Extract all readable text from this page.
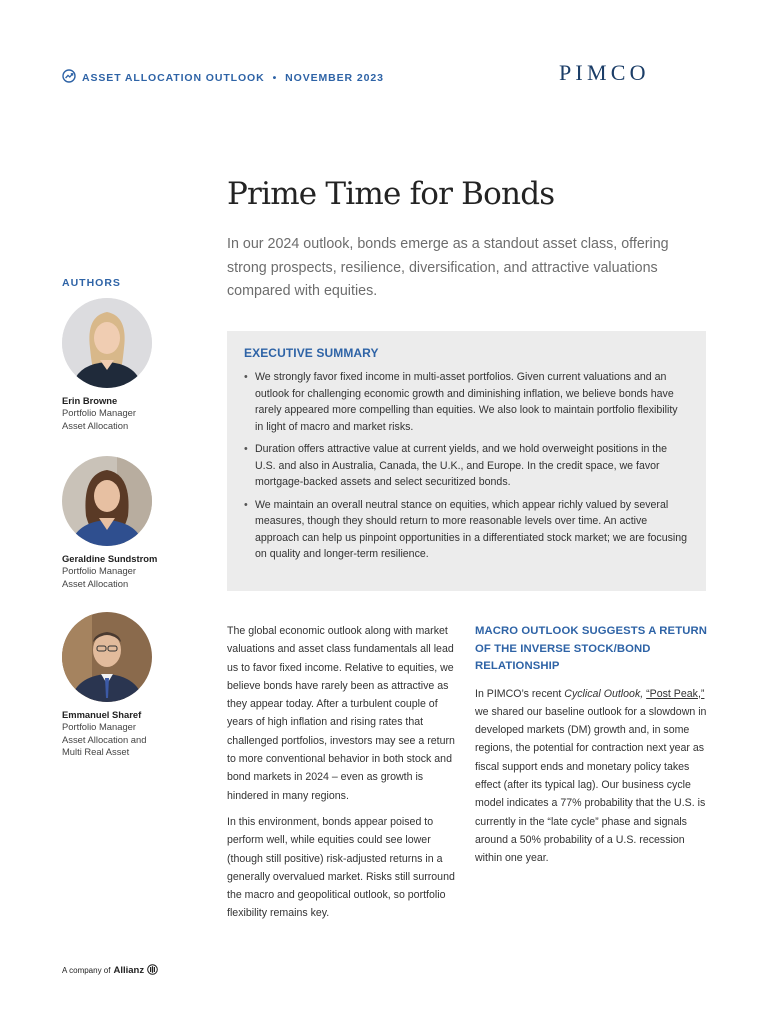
ASSET ALLOCATION OUTLOOK • NOVEMBER 2023	PIMCO
Prime Time for Bonds

In our 2024 outlook, bonds emerge as a standout asset class, offering strong prospects, resilience, diversification, and attractive valuations compared with equities.

AUTHORS
Erin Browne
Portfolio Manager
Asset Allocation
Geraldine Sundstrom
Portfolio Manager
Asset Allocation
Emmanuel Sharef
Portfolio Manager
Asset Allocation and
Multi Real Asset
EXECUTIVE SUMMARY
• We strongly favor fixed income in multi-asset portfolios. Given current valuations and an outlook for challenging economic growth and diminishing inflation, we believe bonds have rarely appeared more compelling than equities. We also look to maintain portfolio flexibility in light of macro and market risks.
• Duration offers attractive value at current yields, and we hold overweight positions in the U.S. and also in Australia, Canada, the U.K., and Europe. In the credit space, we favor mortgage-backed assets and select securitized bonds.
• We maintain an overall neutral stance on equities, which appear richly valued by several measures, though they should return to more reasonable levels over time. An active approach can help us pinpoint opportunities in a differentiated stock market; we are focusing on quality and longer-term resilience.

The global economic outlook along with market valuations and asset class fundamentals all lead us to favor fixed income. Relative to equities, we believe bonds have rarely been as attractive as they appear today. After a turbulent couple of years of high inflation and rising rates that challenged portfolios, investors may see a return to more conventional behavior in both stock and bond markets in 2024 – even as growth is hindered in many regions.

In this environment, bonds appear poised to perform well, while equities could see lower (though still positive) risk-adjusted returns in a generally overvalued market. Risks still surround the macro and geopolitical outlook, so portfolio flexibility remains key.

MACRO OUTLOOK SUGGESTS A RETURN OF THE INVERSE STOCK/BOND RELATIONSHIP

In PIMCO’s recent Cyclical Outlook, “Post Peak,” we shared our baseline outlook for a slowdown in developed markets (DM) growth and, in some regions, the potential for contraction next year as fiscal support ends and monetary policy takes effect (after its typical lag). Our business cycle model indicates a 77% probability that the U.S. is currently in the “late cycle” phase and signals around a 50% probability of a U.S. recession within one year.

A company of Allianz
